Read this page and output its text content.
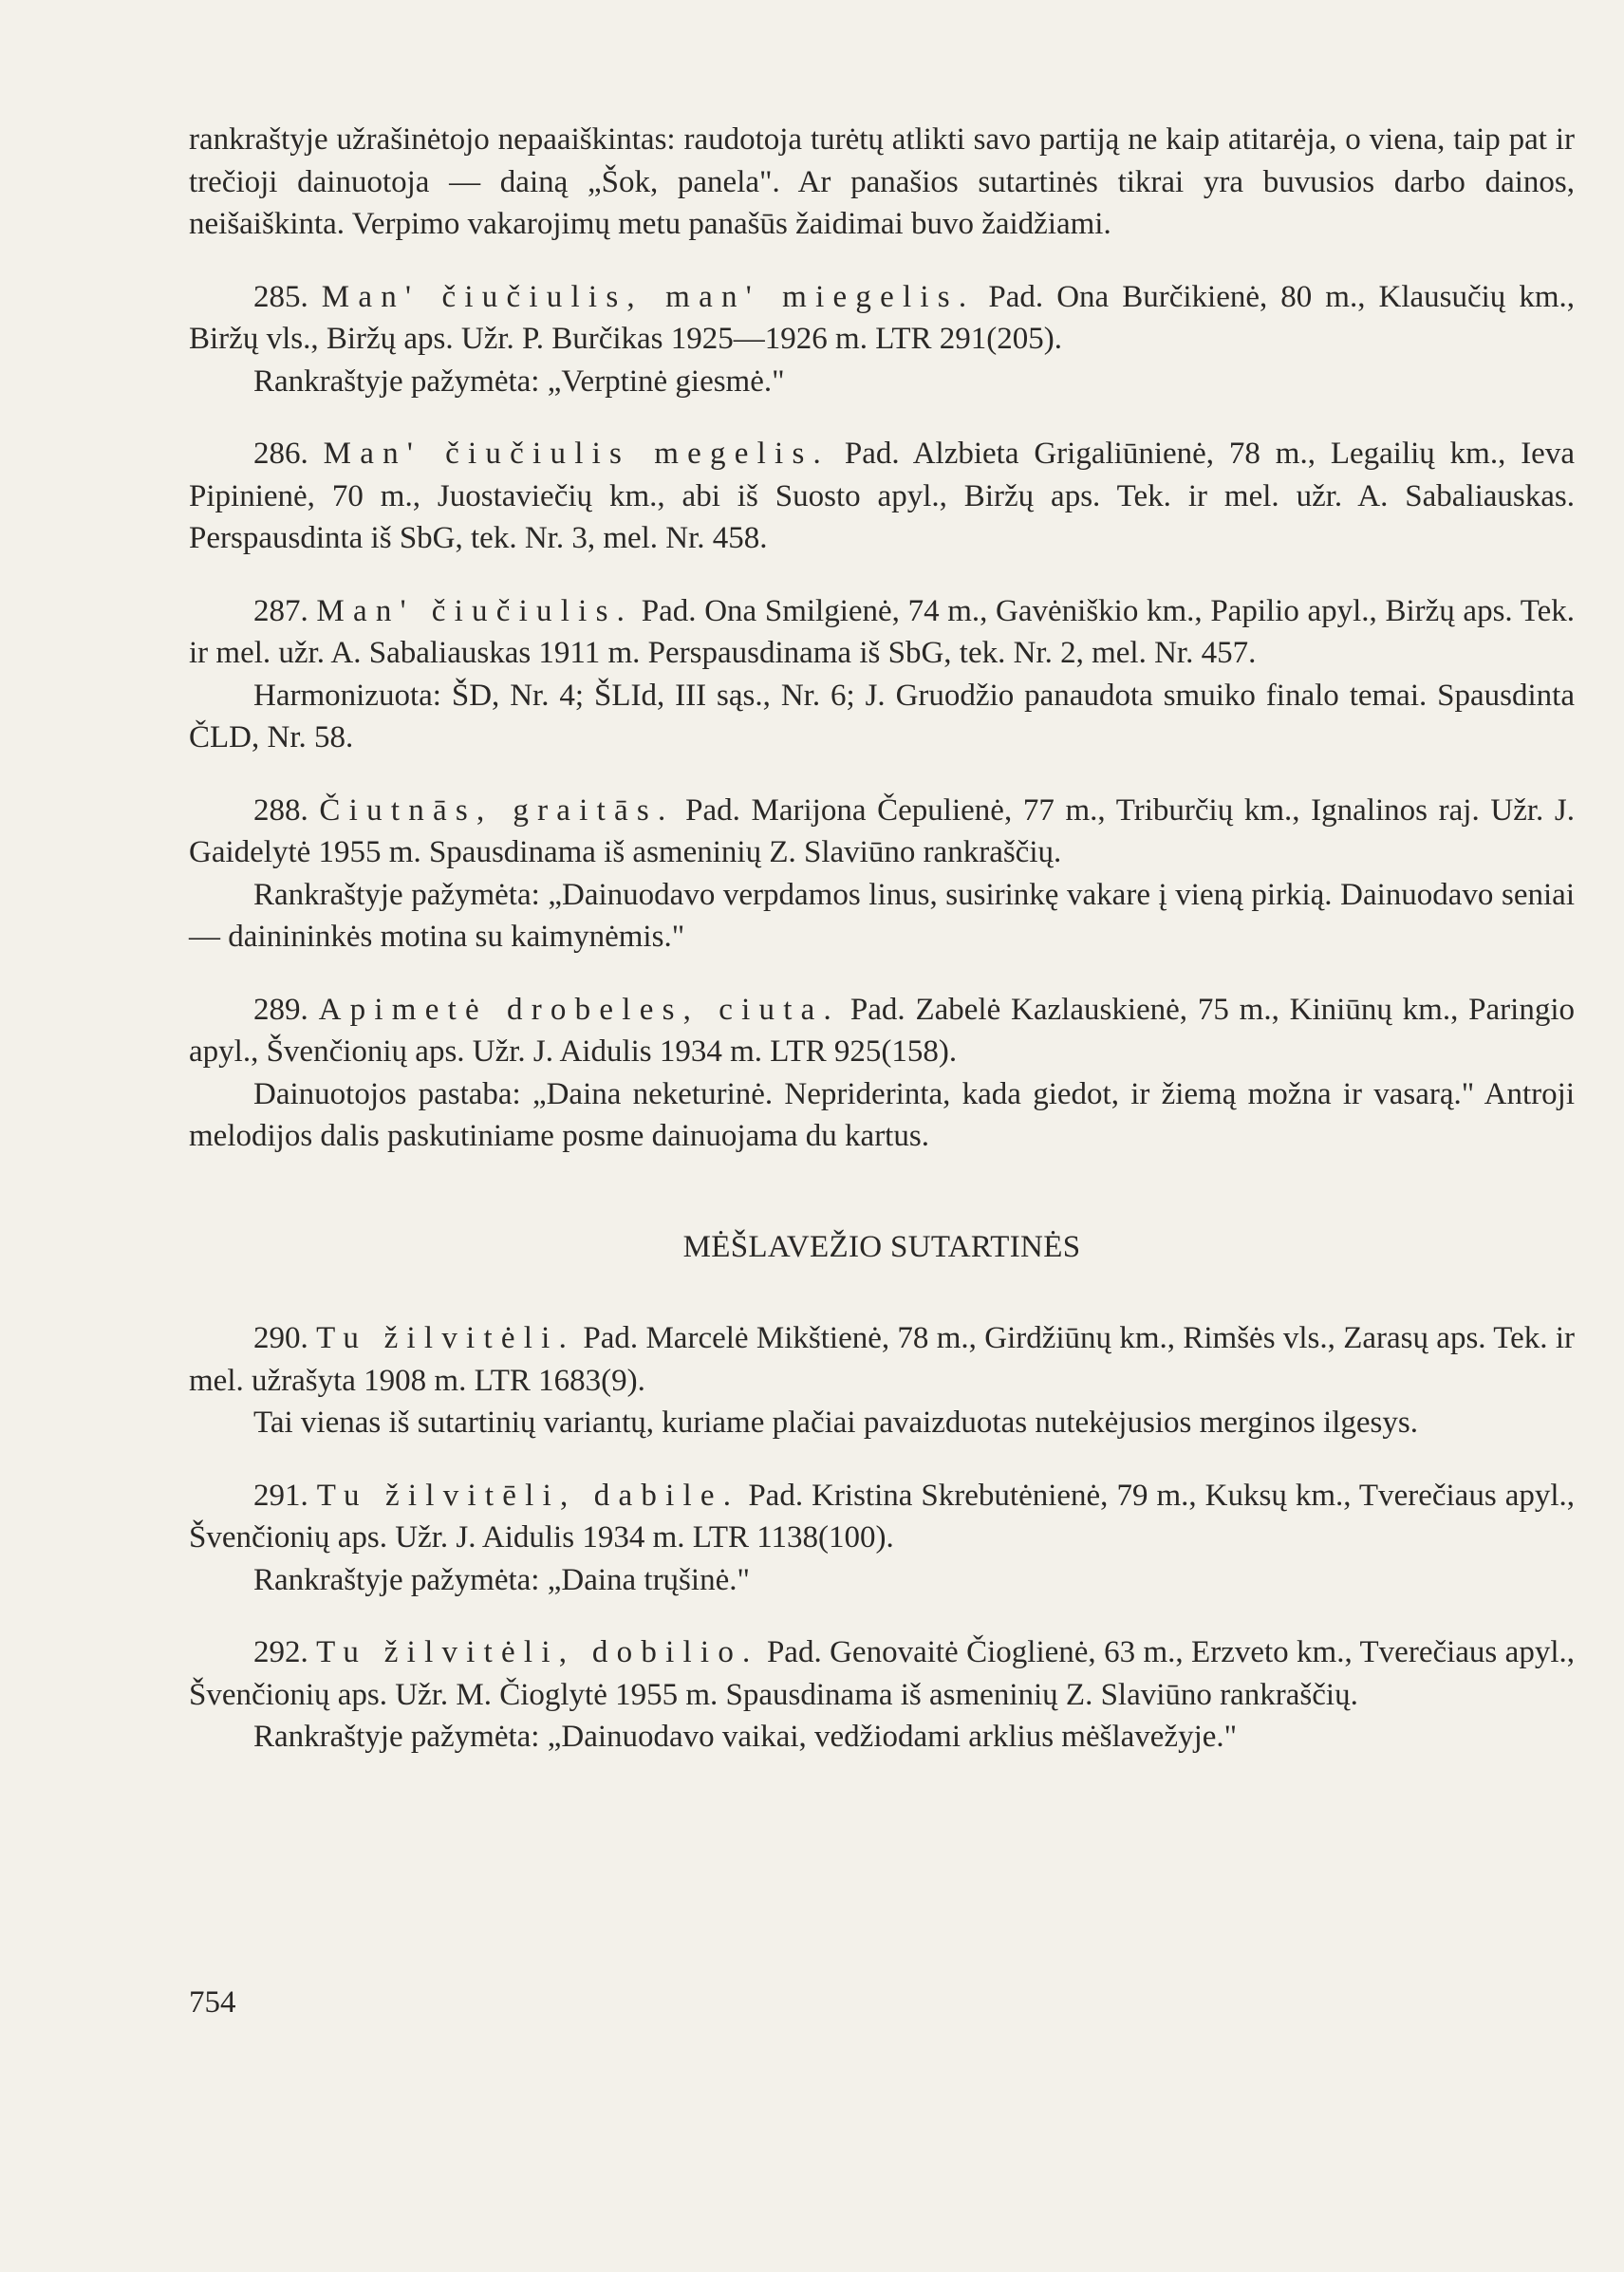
rankraštyje užrašinėtojo nepaaiškintas: raudotoja turėtų atlikti savo partiją ne kaip atitarėja, o viena, taip pat ir trečioji dainuotoja — dainą „Šok, panela". Ar panašios sutartinės tikrai yra buvusios darbo dainos, neišaiškinta. Verpimo vakarojimų metu panašūs žaidimai buvo žaidžiami.

285. Man' čiučiulis, man' miegelis. Pad. Ona Burčikienė, 80 m., Klausučių km., Biržų vls., Biržų aps. Užr. P. Burčikas 1925—1926 m. LTR 291(205).

Rankraštyje pažymėta: „Verptinė giesmė."

286. Man' čiučiulis megelis. Pad. Alzbieta Grigaliūnienė, 78 m., Legailių km., Ieva Pipinienė, 70 m., Juostaviečių km., abi iš Suosto apyl., Biržų aps. Tek. ir mel. užr. A. Sabaliauskas. Perspausdinta iš SbG, tek. Nr. 3, mel. Nr. 458.

287. Man' čiučiulis. Pad. Ona Smilgienė, 74 m., Gavėniškio km., Papilio apyl., Biržų aps. Tek. ir mel. užr. A. Sabaliauskas 1911 m. Perspausdinama iš SbG, tek. Nr. 2, mel. Nr. 457.

Harmonizuota: ŠD, Nr. 4; ŠLId, III sąs., Nr. 6; J. Gruodžio panaudota smuiko finalo temai. Spausdinta ČLD, Nr. 58.

288. Čiutnās, graitās. Pad. Marijona Čepulienė, 77 m., Triburčių km., Ignalinos raj. Užr. J. Gaidelytė 1955 m. Spausdinama iš asmeninių Z. Slaviūno rankraščių.

Rankraštyje pažymėta: „Dainuodavo verpdamos linus, susirinkę vakare į vieną pirkią. Dainuodavo seniai — dainininkės motina su kaimynėmis."

289. Apimetė drobeles, ciuta. Pad. Zabelė Kazlauskienė, 75 m., Kiniūnų km., Paringio apyl., Švenčionių aps. Užr. J. Aidulis 1934 m. LTR 925(158).

Dainuotojos pastaba: „Daina neketurinė. Nepriderinta, kada giedot, ir žiemą možna ir vasarą." Antroji melodijos dalis paskutiniame posme dainuojama du kartus.

MĖŠLAVEŽIO SUTARTINĖS

290. Tu žilvitėli. Pad. Marcelė Mikštienė, 78 m., Girdžiūnų km., Rimšės vls., Zarasų aps. Tek. ir mel. užrašyta 1908 m. LTR 1683(9).

Tai vienas iš sutartinių variantų, kuriame plačiai pavaizduotas nutekėjusios merginos ilgesys.

291. Tu žilvitēli, dabile. Pad. Kristina Skrebutėnienė, 79 m., Kuksų km., Tverečiaus apyl., Švenčionių aps. Užr. J. Aidulis 1934 m. LTR 1138(100).

Rankraštyje pažymėta: „Daina trųšinė."

292. Tu žilvitėli, dobilio. Pad. Genovaitė Čioglienė, 63 m., Erzveto km., Tverečiaus apyl., Švenčionių aps. Užr. M. Čioglytė 1955 m. Spausdinama iš asmeninių Z. Slaviūno rankraščių.

Rankraštyje pažymėta: „Dainuodavo vaikai, vedžiodami arklius mėšlavežyje."

754
